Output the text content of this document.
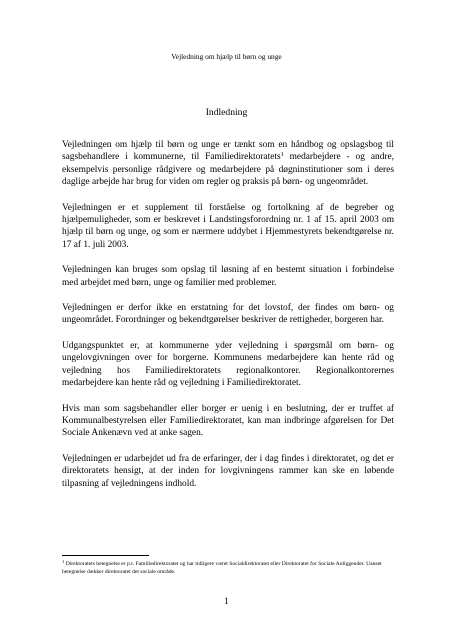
Vejledning om hjælp til børn og unge
Indledning

Vejledningen om hjælp til børn og unge er tænkt som en håndbog og opslagsbog til sagsbehandlere i kommunerne, til Familiedirektoratets$^1$ medarbejdere - og andre, eksempelvis personlige rådgivere og medarbejdere på døgninstitutioner som i deres daglige arbejde har brug for viden om regler og praksis på børn- og ungeområdet.

Vejledningen er et supplement til forståelse og fortolkning af de begreber og hjælpemuligheder, som er beskrevet i Landstingsforordning nr. 1 af 15. april 2003 om hjælp til børn og unge, og som er nærmere uddybet i Hjemmestyrets bekendtgørelse nr. 17 af 1. juli 2003.

Vejledningen kan bruges som opslag til løsning af en bestemt situation i forbindelse med arbejdet med børn, unge og familier med problemer.

Vejledningen er derfor ikke en erstatning for det lovstof, der findes om børn- og ungeområdet. Forordninger og bekendtgørelser beskriver de rettigheder, borgeren har.

Udgangspunktet er, at kommunerne yder vejledning i spørgsmål om børn- og ungelovgivningen over for borgerne. Kommunens medarbejdere kan hente råd og vejledning hos Familiedirektoratets regionalkontorer. Regionalkontorernes medarbejdere kan hente råd og vejledning i Familiedirektoratet.

Hvis man som sagsbehandler eller borger er uenig i en beslutning, der er truffet af Kommunalbestyrelsen eller Familiedirektoratet, kan man indbringe afgørelsen for Det Sociale Ankenævn ved at anke sagen.

Vejledningen er udarbejdet ud fra de erfaringer, der i dag findes i direktoratet, og det er direktoratets hensigt, at der inden for lovgivningens rammer kan ske en løbende tilpasning af vejledningens indhold.

$^1$ Direktoratets betegnelse er p.t. Familiedirektoratet og har tidligere været Socialdirektoratet eller Direktoratet for Sociale Anliggender. Uanset betegnelse dækker direktoratet det sociale område.
1
